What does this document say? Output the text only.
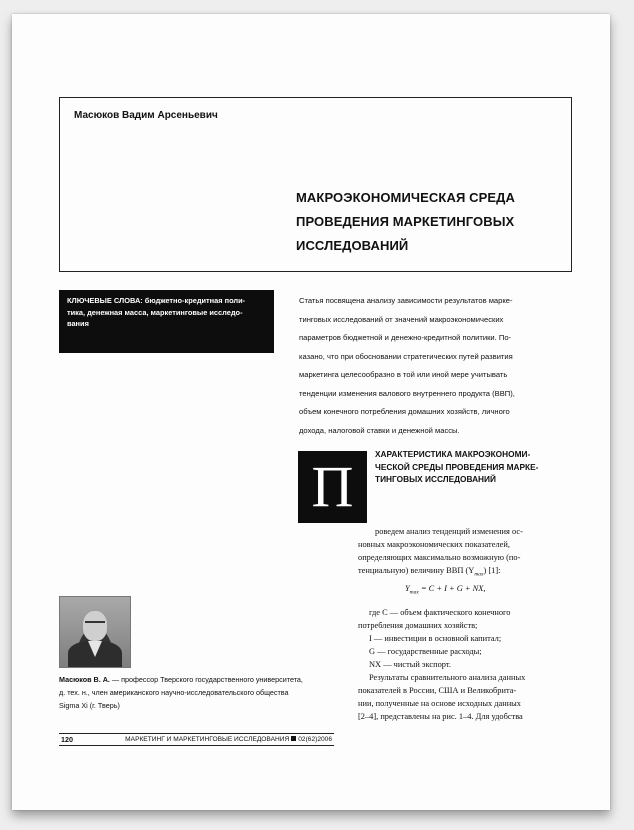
Масюков Вадим Арсеньевич
МАКРОЭКОНОМИЧЕСКАЯ СРЕДА
ПРОВЕДЕНИЯ МАРКЕТИНГОВЫХ
ИССЛЕДОВАНИЙ
КЛЮЧЕВЫЕ СЛОВА: бюджетно-кредитная поли-
тика, денежная масса, маркетинговые исследо-
вания
Статья посвящена анализу зависимости результатов марке-
тинговых исследований от значений макроэкономических
параметров бюджетной и денежно-кредитной политики. По-
казано, что при обосновании стратегических путей развития
маркетинга целесообразно в той или иной мере учитывать
тенденции изменения валового внутреннего продукта (ВВП),
объем конечного потребления домашних хозяйств, личного
дохода, налоговой ставки и денежной массы.
П	ХАРАКТЕРИСТИКА МАКРОЭКОНОМИ-
ЧЕСКОЙ СРЕДЫ ПРОВЕДЕНИЯ МАРКЕ-
ТИНГОВЫХ ИССЛЕДОВАНИЙ
роведем анализ тенденций изменения ос-
новных макроэкономических показателей,
определяющих максимально возможную (по-
тенциальную) величину ВВП $(Y_{max})$ [1]:
$Y_{max} = C + I + G$ + NX,
где C — объем фактического конечного
потребления домашних хозяйств;
I — инвестиции в основной капитал;
G — государственные расходы;
NX — чистый экспорт.
Результаты сравнительного анализа данных
показателей в России, США и Великобрита-
нии, полученные на основе исходных данных
[2–4], представлены на рис. 1–4. Для удобства
Масюков В. А. — профессор Тверского государственного университета,
д. тех. н., член американского научно-исследовательского общества
Sigma Xi (г. Тверь)
120	МАРКЕТИНГ И МАРКЕТИНГОВЫЕ ИССЛЕДОВАНИЯ 02(62)2006
